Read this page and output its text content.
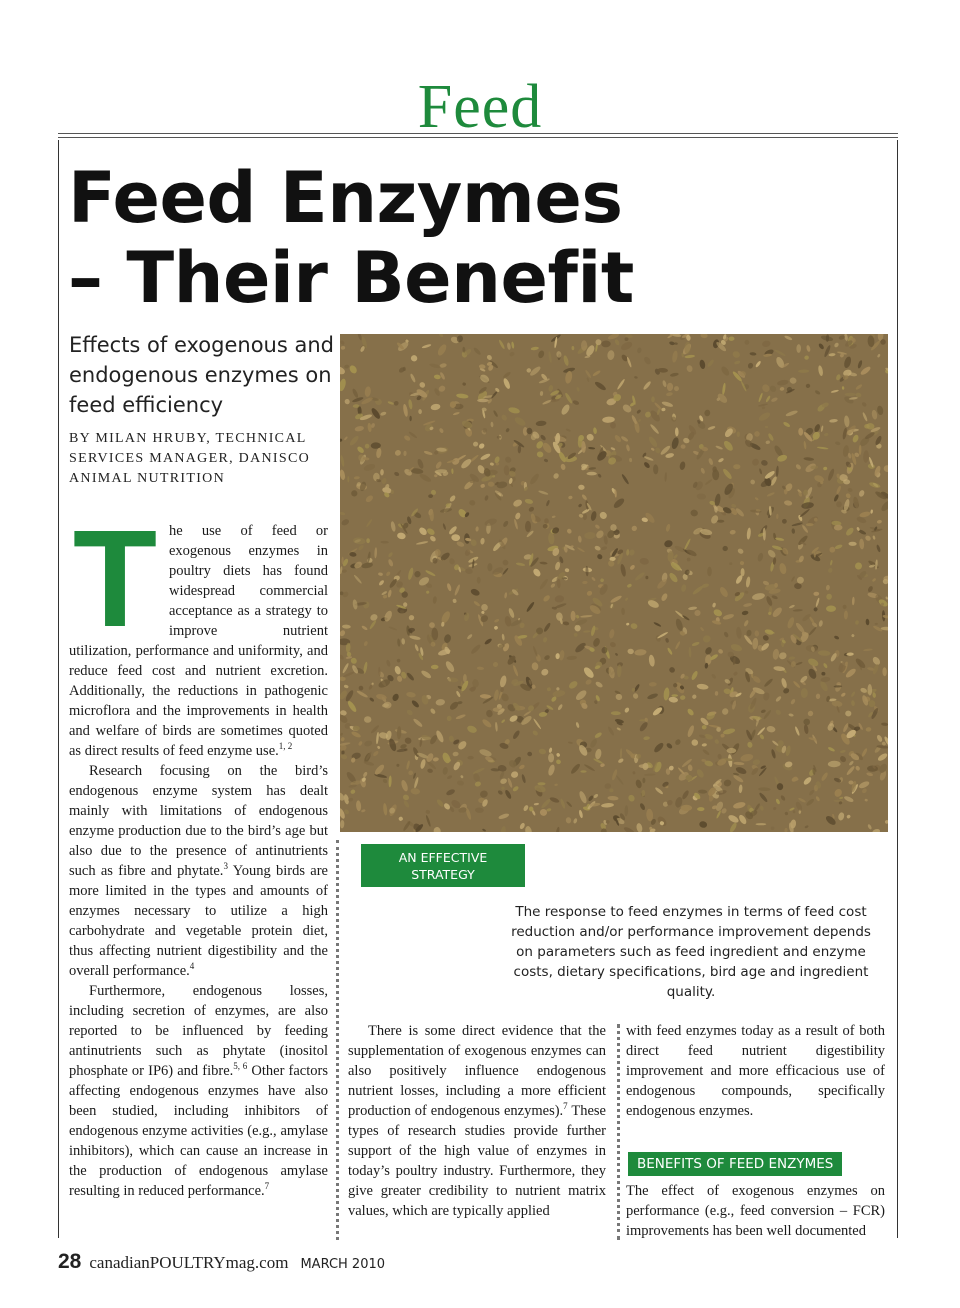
Feed
Feed Enzymes
– Their Benefit
Effects of exogenous and endogenous enzymes on feed efficiency
BY MILAN HRUBY, TECHNICAL
SERVICES MANAGER, DANISCO
ANIMAL NUTRITION

The use of feed or exogenous enzymes in poultry diets has found widespread commercial acceptance as a strategy to improve nutrient utilization, performance and uniformity, and reduce feed cost and nutrient excretion. Additionally, the reductions in pathogenic microflora and the improvements in health and welfare of birds are sometimes quoted as direct results of feed enzyme use.$^{1, 2}$

Research focusing on the bird’s endogenous enzyme system has dealt mainly with limitations of endogenous enzyme production due to the bird’s age but also due to the presence of antinutrients such as fibre and phytate.$^3$ Young birds are more limited in the types and amounts of enzymes necessary to utilize a high carbohydrate and vegetable protein diet, thus affecting nutrient digestibility and the overall performance.$^4$

Furthermore, endogenous losses, including secretion of enzymes, are also reported to be influenced by feeding antinutrients such as phytate (inositol phosphate or IP6) and fibre.$^{5, 6}$ Other factors affecting endogenous enzymes have also been studied, including inhibitors of endogenous enzyme activities (e.g., amylase inhibitors), which can cause an increase in the production of endogenous amylase resulting in reduced performance.$^7$

AN EFFECTIVE
STRATEGY
The response to feed enzymes in terms of feed cost reduction and/or performance improvement depends on parameters such as feed ingredient and enzyme costs, dietary specifications, bird age and ingredient quality.

There is some direct evidence that the supplementation of exogenous enzymes can also positively influence endogenous nutrient losses, including a more efficient production of endogenous enzymes).$^7$ These types of research studies provide further support of the high value of enzymes in today’s poultry industry. Furthermore, they give greater credibility to nutrient matrix values, which are typically applied

with feed enzymes today as a result of both direct feed nutrient digestibility improvement and more efficacious use of endogenous compounds, specifically endogenous enzymes.

BENEFITS OF FEED ENZYMES

The effect of exogenous enzymes on performance (e.g., feed conversion – FCR) improvements has been well documented

28 canadianPOULTRYmag.com MARCH 2010
